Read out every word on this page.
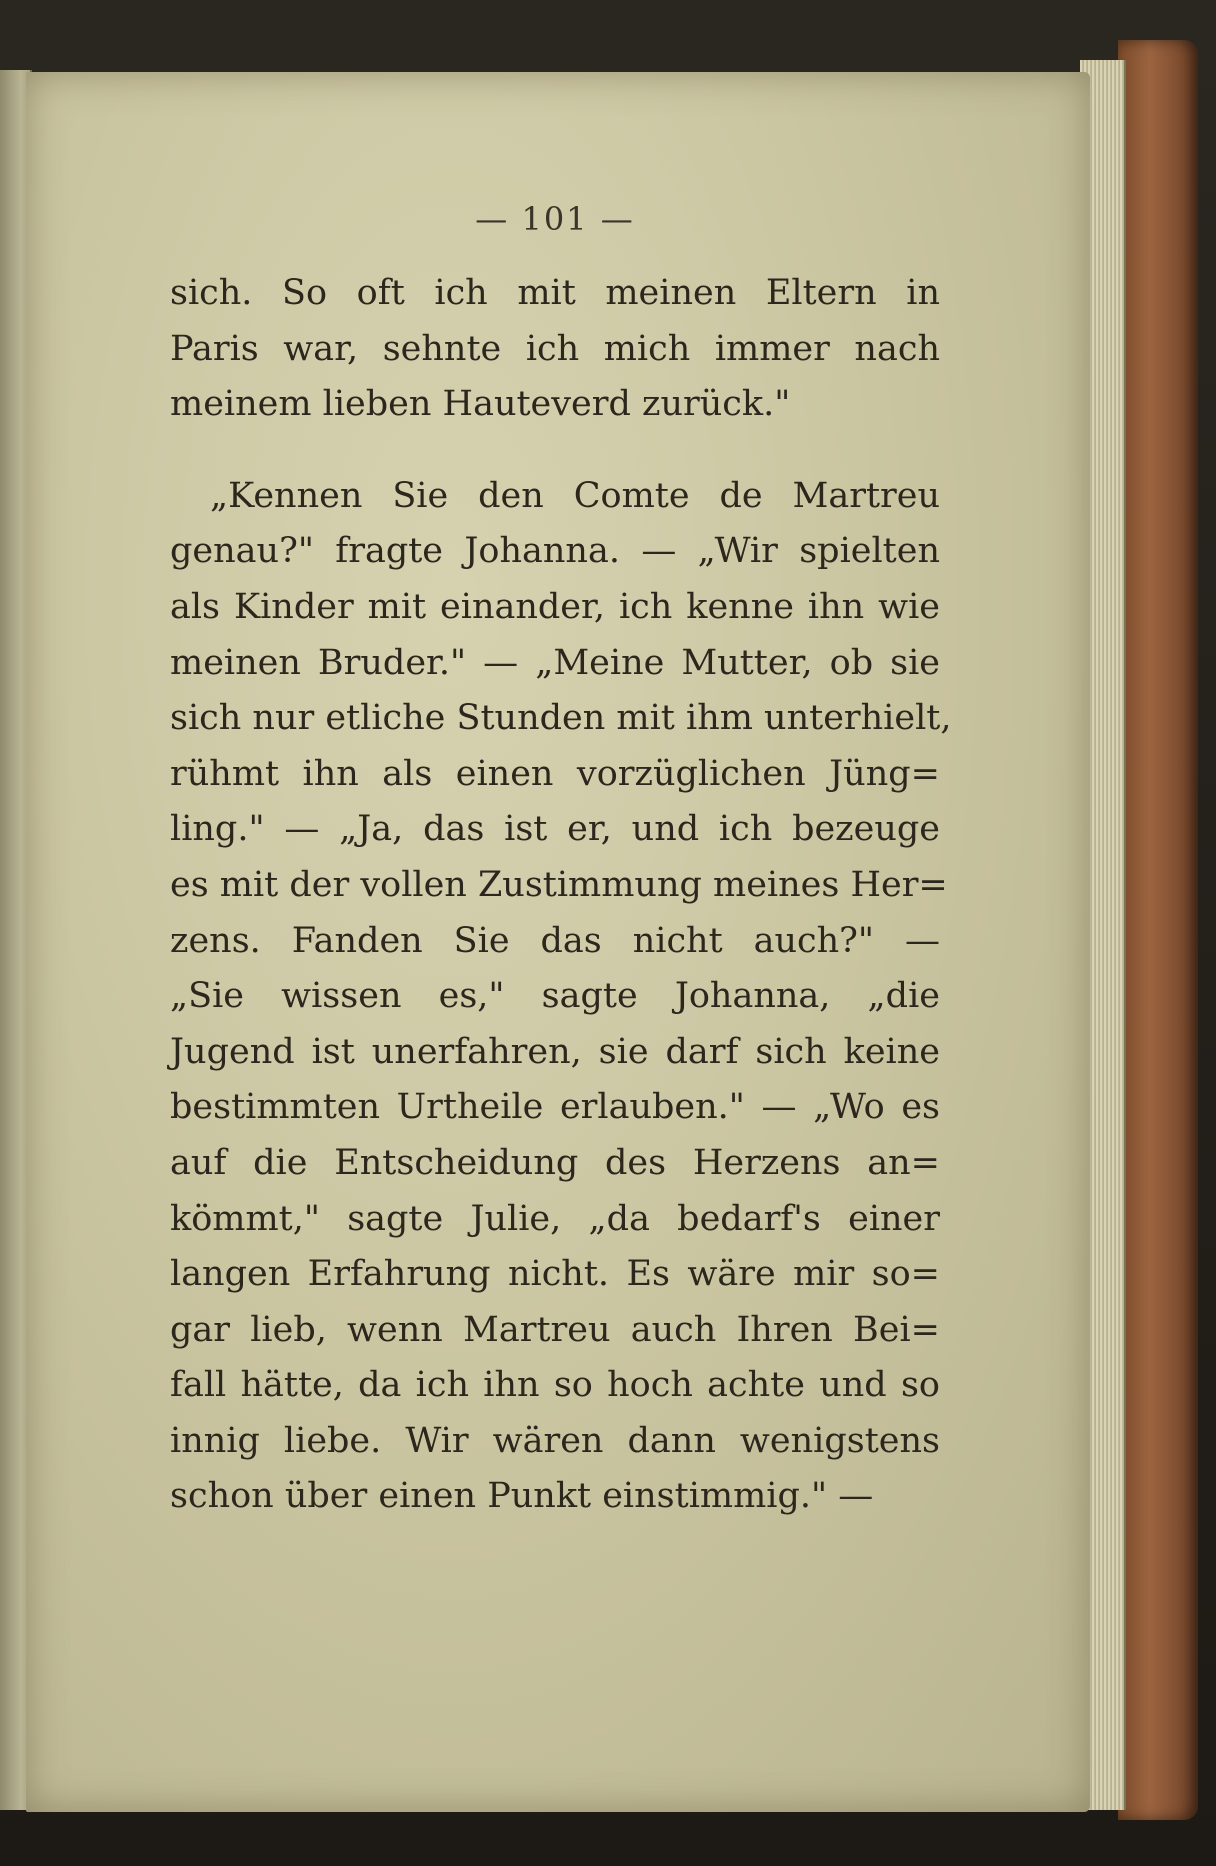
— 101 —

sich. So oft ich mit meinen Eltern in
Paris war, sehnte ich mich immer nach
meinem lieben Hauteverd zurück."

„Kennen Sie den Comte de Martreu
genau?" fragte Johanna. — „Wir spielten
als Kinder mit einander, ich kenne ihn wie
meinen Bruder." — „Meine Mutter, ob sie
sich nur etliche Stunden mit ihm unterhielt,
rühmt ihn als einen vorzüglichen Jüng=
ling." — „Ja, das ist er, und ich bezeuge
es mit der vollen Zustimmung meines Her=
zens. Fanden Sie das nicht auch?" —
„Sie wissen es," sagte Johanna, „die
Jugend ist unerfahren, sie darf sich keine
bestimmten Urtheile erlauben." — „Wo es
auf die Entscheidung des Herzens an=
kömmt," sagte Julie, „da bedarf's einer
langen Erfahrung nicht. Es wäre mir so=
gar lieb, wenn Martreu auch Ihren Bei=
fall hätte, da ich ihn so hoch achte und so
innig liebe. Wir wären dann wenigstens
schon über einen Punkt einstimmig." —
